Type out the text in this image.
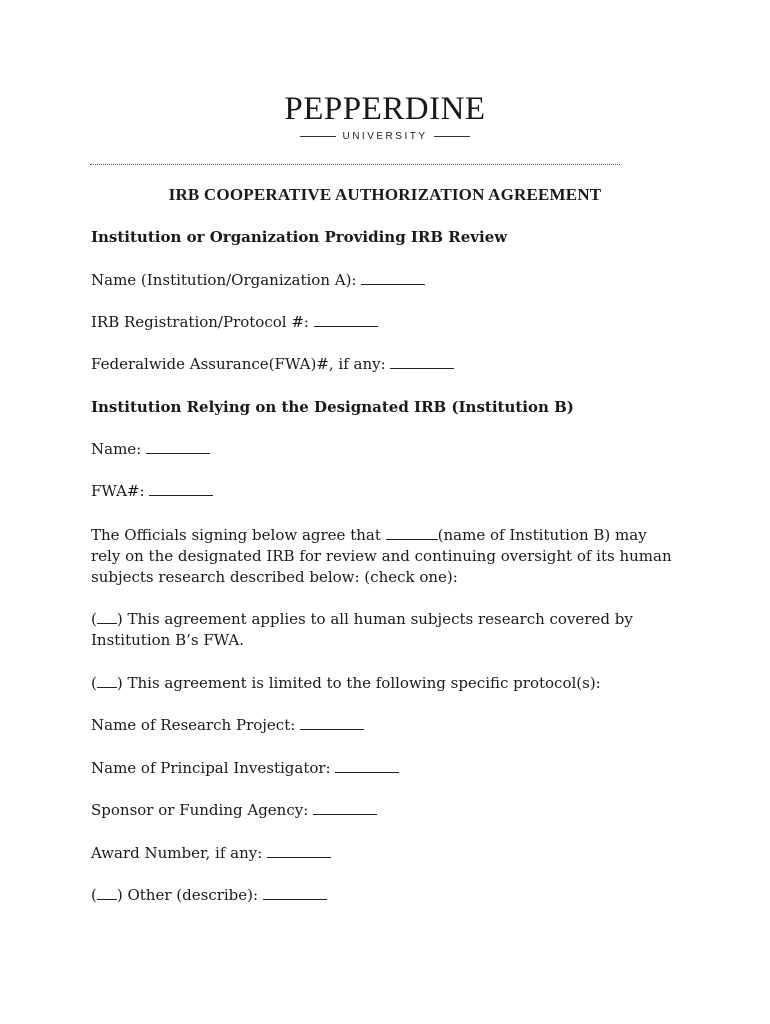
PEPPERDINE
UNIVERSITY
IRB COOPERATIVE AUTHORIZATION AGREEMENT
Institution or Organization Providing IRB Review
Name (Institution/Organization A):
IRB Registration/Protocol #:
Federalwide Assurance(FWA)#, if any:
Institution Relying on the Designated IRB (Institution B)
Name:
FWA#:
The Officials signing below agree that	(name of Institution B) may rely on the designated IRB for review and continuing oversight of its human subjects research described below: (check one):
( ) This agreement applies to all human subjects research covered by Institution B’s FWA.
( ) This agreement is limited to the following specific protocol(s):
Name of Research Project:
Name of Principal Investigator:
Sponsor or Funding Agency:
Award Number, if any:
( ) Other (describe):
